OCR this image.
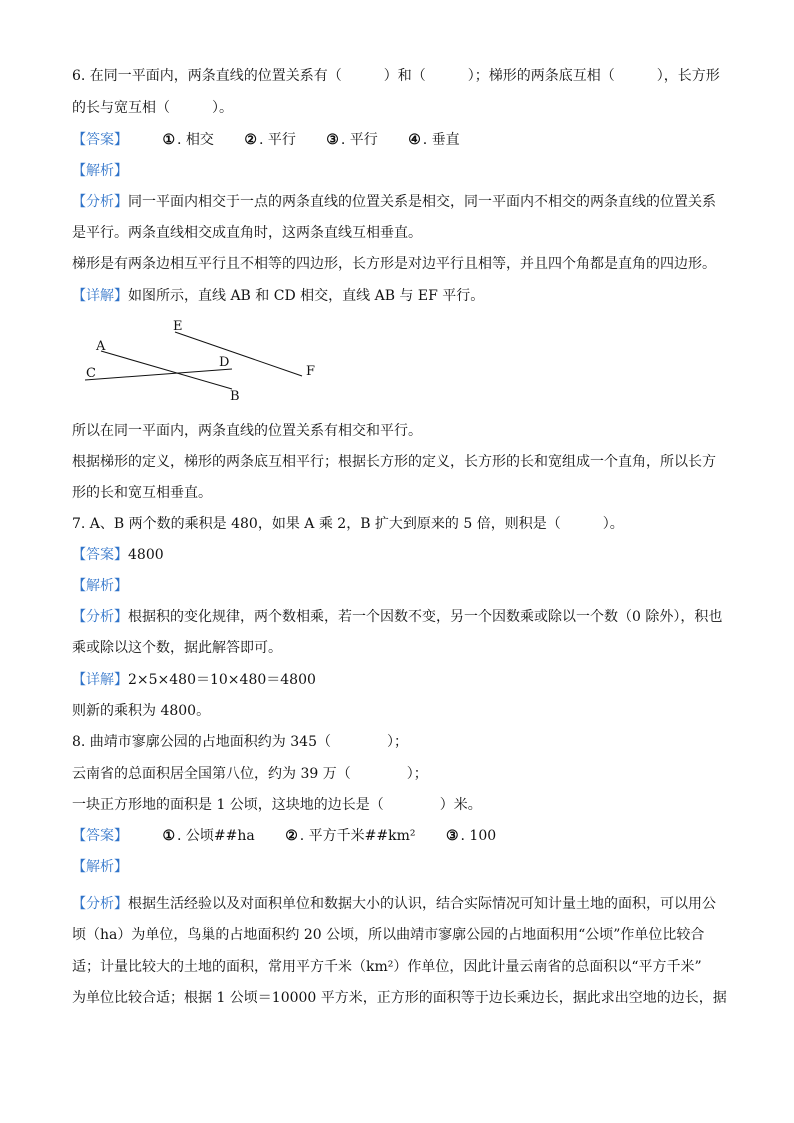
6. 在同一平面内，两条直线的位置关系有（　　　）和（　　　）；梯形的两条底互相（　　　），长方形
的长与宽互相（　　　）。
【答案】 ① . 相交 ② . 平行 ③ . 平行 ④ . 垂直
【解析】
【分析】同一平面内相交于一点的两条直线的位置关系是相交，同一平面内不相交的两条直线的位置关系
是平行。两条直线相交成直角时，这两条直线互相垂直。
梯形是有两条边相互平行且不相等的四边形，长方形是对边平行且相等，并且四个角都是直角的四边形。
【详解】如图所示，直线 AB 和 CD 相交，直线 AB 与 EF 平行。
A
B
C
D
E
F
所以在同一平面内，两条直线的位置关系有相交和平行。
根据梯形的定义，梯形的两条底互相平行；根据长方形的定义，长方形的长和宽组成一个直角，所以长方
形的长和宽互相垂直。
7. A、B 两个数的乘积是 480，如果 A 乘 2，B 扩大到原来的 5 倍，则积是（　　　）。
【答案】4800
【解析】
【分析】根据积的变化规律，两个数相乘，若一个因数不变，另一个因数乘或除以一个数（0 除外），积也
乘或除以这个数，据此解答即可。
【详解】2×5×480＝10×480＝4800
则新的乘积为 4800。
8. 曲靖市寥廓公园的占地面积约为 345（　　　　）；
云南省的总面积居全国第八位，约为 39 万（　　　　）；
一块正方形地的面积是 1 公顷，这块地的边长是（　　　　）米。
【答案】 ① . 公顷##ha ② . 平方千米##km² ③ . 100
【解析】
【分析】根据生活经验以及对面积单位和数据大小的认识，结合实际情况可知计量土地的面积，可以用公
顷（ha）为单位，鸟巢的占地面积约 20 公顷，所以曲靖市寥廓公园的占地面积用“公顷”作单位比较合
适；计量比较大的土地的面积，常用平方千米（km²）作单位，因此计量云南省的总面积以“平方千米”
为单位比较合适；根据 1 公顷＝10000 平方米，正方形的面积等于边长乘边长，据此求出空地的边长，据
